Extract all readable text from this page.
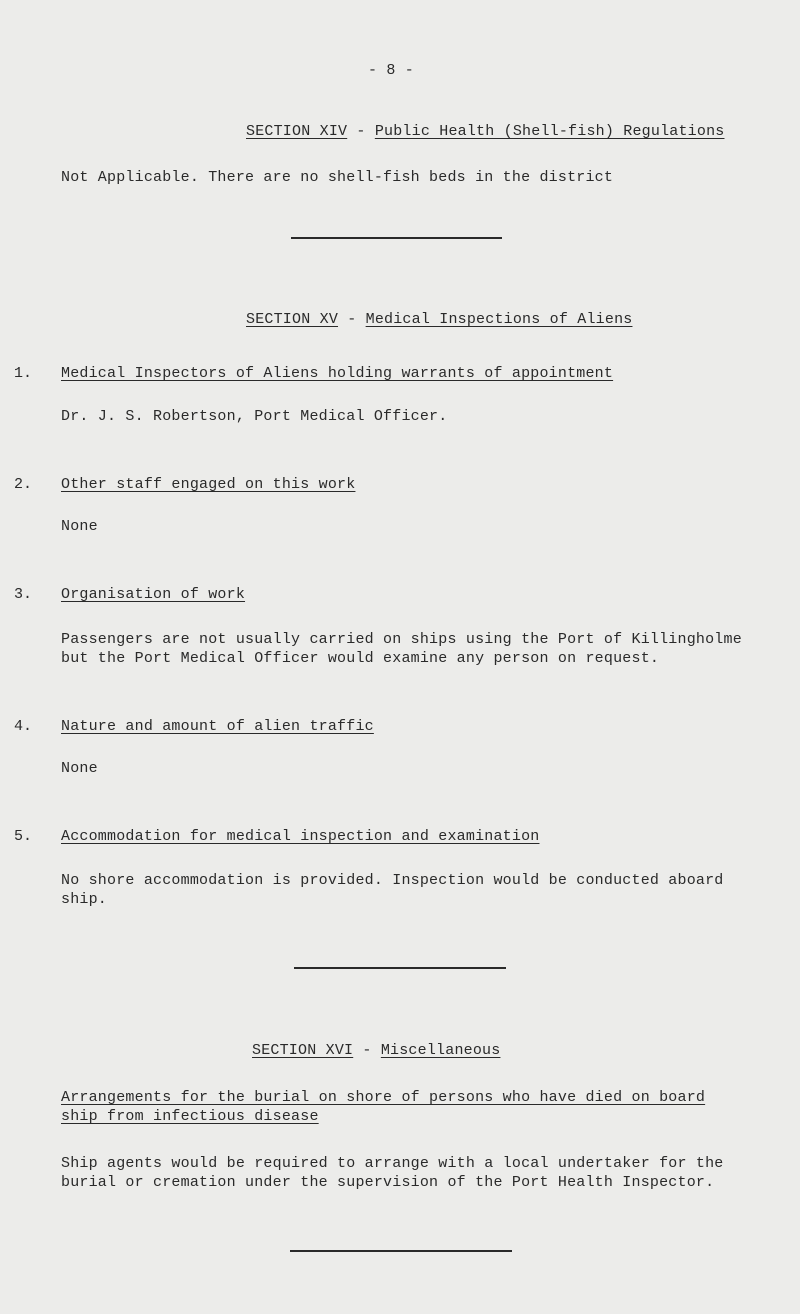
- 8 -
SECTION XIV - Public Health (Shell-fish) Regulations
Not Applicable. There are no shell-fish beds in the district
SECTION XV - Medical Inspections of Aliens
1. Medical Inspectors of Aliens holding warrants of appointment
Dr. J. S. Robertson, Port Medical Officer.
2. Other staff engaged on this work
None
3. Organisation of work
Passengers are not usually carried on ships using the Port of Killingholme
but the Port Medical Officer would examine any person on request.
4. Nature and amount of alien traffic
None
5. Accommodation for medical inspection and examination
No shore accommodation is provided. Inspection would be conducted aboard
ship.
SECTION XVI - Miscellaneous
Arrangements for the burial on shore of persons who have died on board
ship from infectious disease
Ship agents would be required to arrange with a local undertaker for the
burial or cremation under the supervision of the Port Health Inspector.
